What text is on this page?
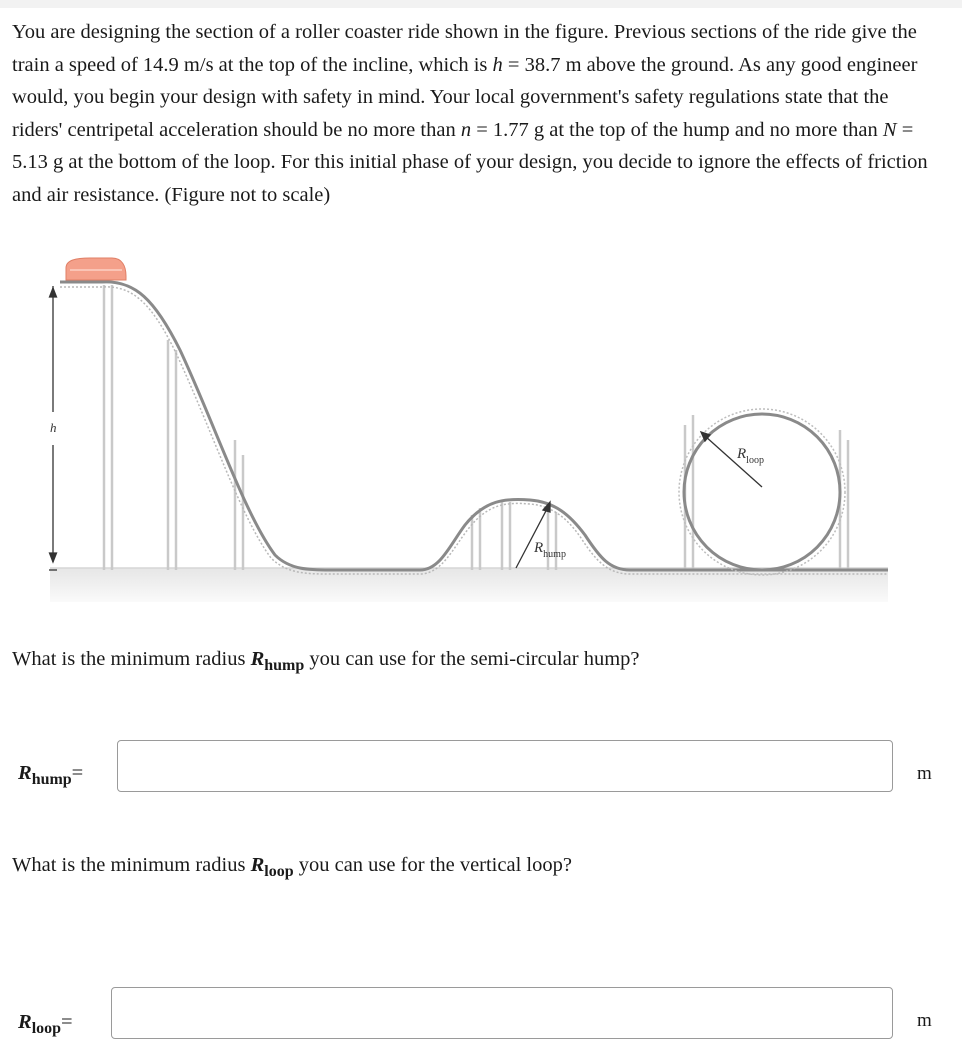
You are designing the section of a roller coaster ride shown in the figure. Previous sections of the ride give the train a speed of 14.9 m/s at the top of the incline, which is h = 38.7 m above the ground. As any good engineer would, you begin your design with safety in mind. Your local government's safety regulations state that the riders' centripetal acceleration should be no more than n = 1.77 g at the top of the hump and no more than N = 5.13 g at the bottom of the loop. For this initial phase of your design, you decide to ignore the effects of friction and air resistance. (Figure not to scale)

h
$R_{hump}$
$R_{loop}$

What is the minimum radius $R_{hump}$ you can use for the semi-circular hump?

$R_{hump}=$	m

What is the minimum radius $R_{loop}$ you can use for the vertical loop?

$R_{loop}=$	m
